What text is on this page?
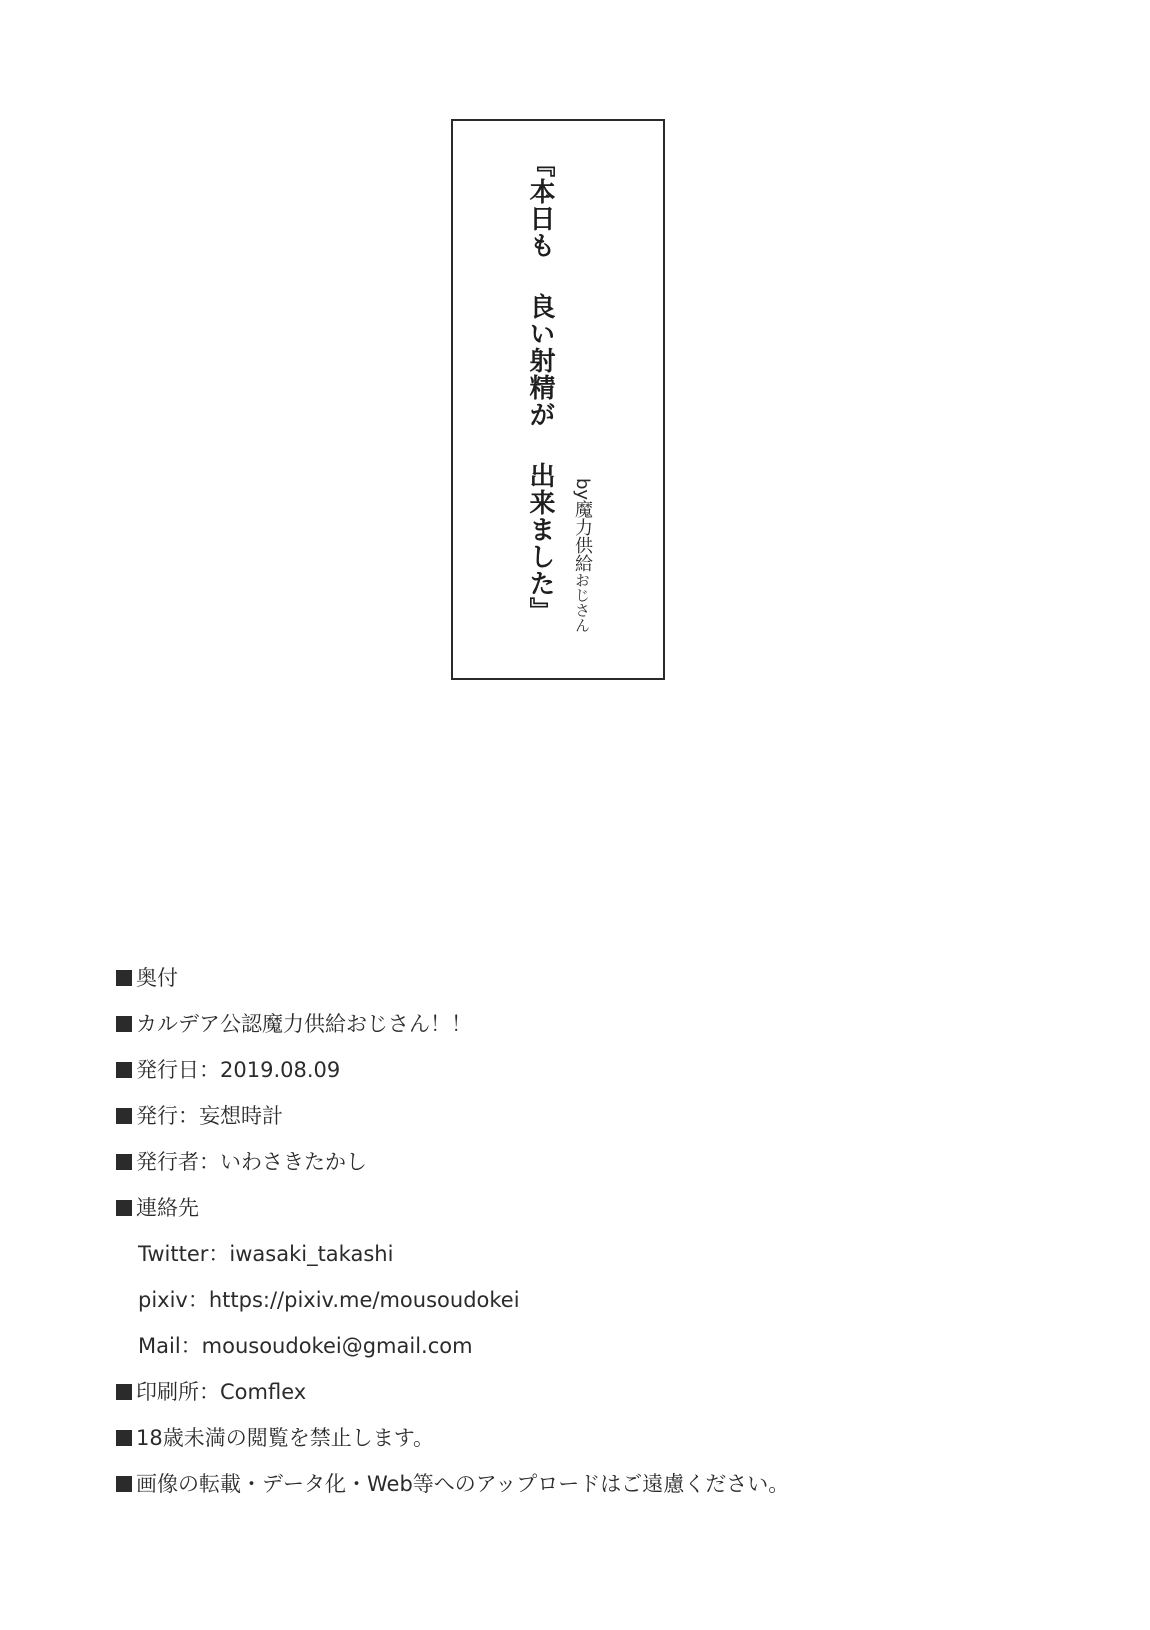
『本日も良い射精が出来ました』 by魔力供給おじさん
奥付
カルデア公認魔力供給おじさん！！
発行日：2019.08.09
発行：妄想時計
発行者：いわさきたかし
連絡先
Twitter：iwasaki_takashi
pixiv：https://pixiv.me/mousoudokei
Mail：mousoudokei@gmail.com
印刷所：Comflex
18歳未満の閲覧を禁止します。
画像の転載・データ化・Web等へのアップロードはご遠慮ください。
